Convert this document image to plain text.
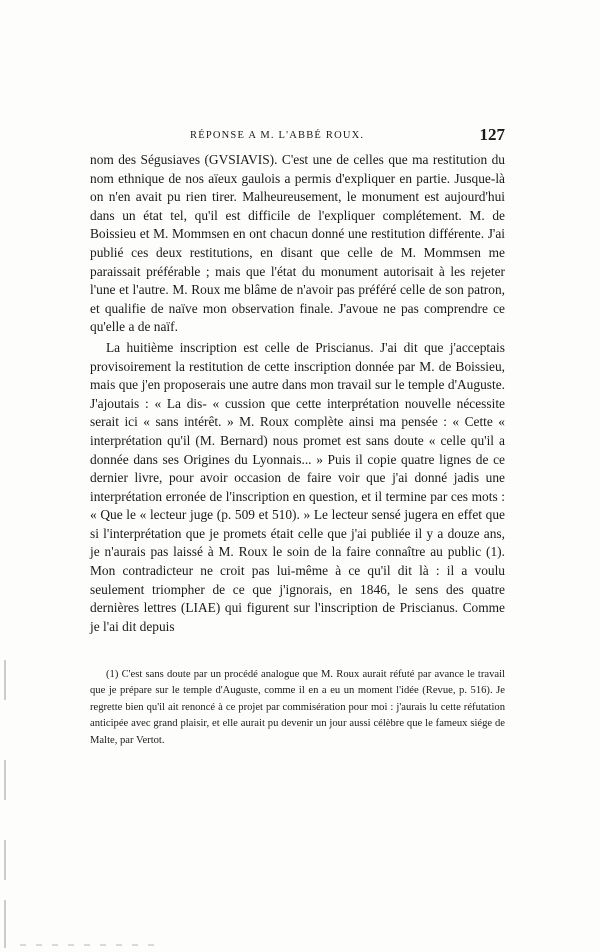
RÉPONSE A M. L'ABBÉ ROUX.	127

nom des Ségusiaves (GVSIAVIS). C'est une de celles que ma restitution du nom ethnique de nos aïeux gaulois a permis d'expliquer en partie. Jusque-là on n'en avait pu rien tirer. Malheureusement, le monument est aujourd'hui dans un état tel, qu'il est difficile de l'expliquer complétement. M. de Boissieu et M. Mommsen en ont chacun donné une restitution différente. J'ai publié ces deux restitutions, en disant que celle de M. Mommsen me paraissait préférable ; mais que l'état du monument autorisait à les rejeter l'une et l'autre. M. Roux me blâme de n'avoir pas préféré celle de son patron, et qualifie de naïve mon observation finale. J'avoue ne pas comprendre ce qu'elle a de naïf.

La huitième inscription est celle de Priscianus. J'ai dit que j'acceptais provisoirement la restitution de cette inscription donnée par M. de Boissieu, mais que j'en proposerais une autre dans mon travail sur le temple d'Auguste. J'ajoutais : « La dis- « cussion que cette interprétation nouvelle nécessite serait ici « sans intérêt. » M. Roux complète ainsi ma pensée : « Cette « interprétation qu'il (M. Bernard) nous promet est sans doute « celle qu'il a donnée dans ses Origines du Lyonnais... » Puis il copie quatre lignes de ce dernier livre, pour avoir occasion de faire voir que j'ai donné jadis une interprétation erronée de l'inscription en question, et il termine par ces mots : « Que le « lecteur juge (p. 509 et 510). » Le lecteur sensé jugera en effet que si l'interprétation que je promets était celle que j'ai publiée il y a douze ans, je n'aurais pas laissé à M. Roux le soin de la faire connaître au public (1). Mon contradicteur ne croit pas lui-même à ce qu'il dit là : il a voulu seulement triompher de ce que j'ignorais, en 1846, le sens des quatre dernières lettres (LIAE) qui figurent sur l'inscription de Priscianus. Comme je l'ai dit depuis

(1) C'est sans doute par un procédé analogue que M. Roux aurait réfuté par avance le travail que je prépare sur le temple d'Auguste, comme il en a eu un moment l'idée (Revue, p. 516). Je regrette bien qu'il ait renoncé à ce projet par commisération pour moi : j'aurais lu cette réfutation anticipée avec grand plaisir, et elle aurait pu devenir un jour aussi célèbre que le fameux siége de Malte, par Vertot.
